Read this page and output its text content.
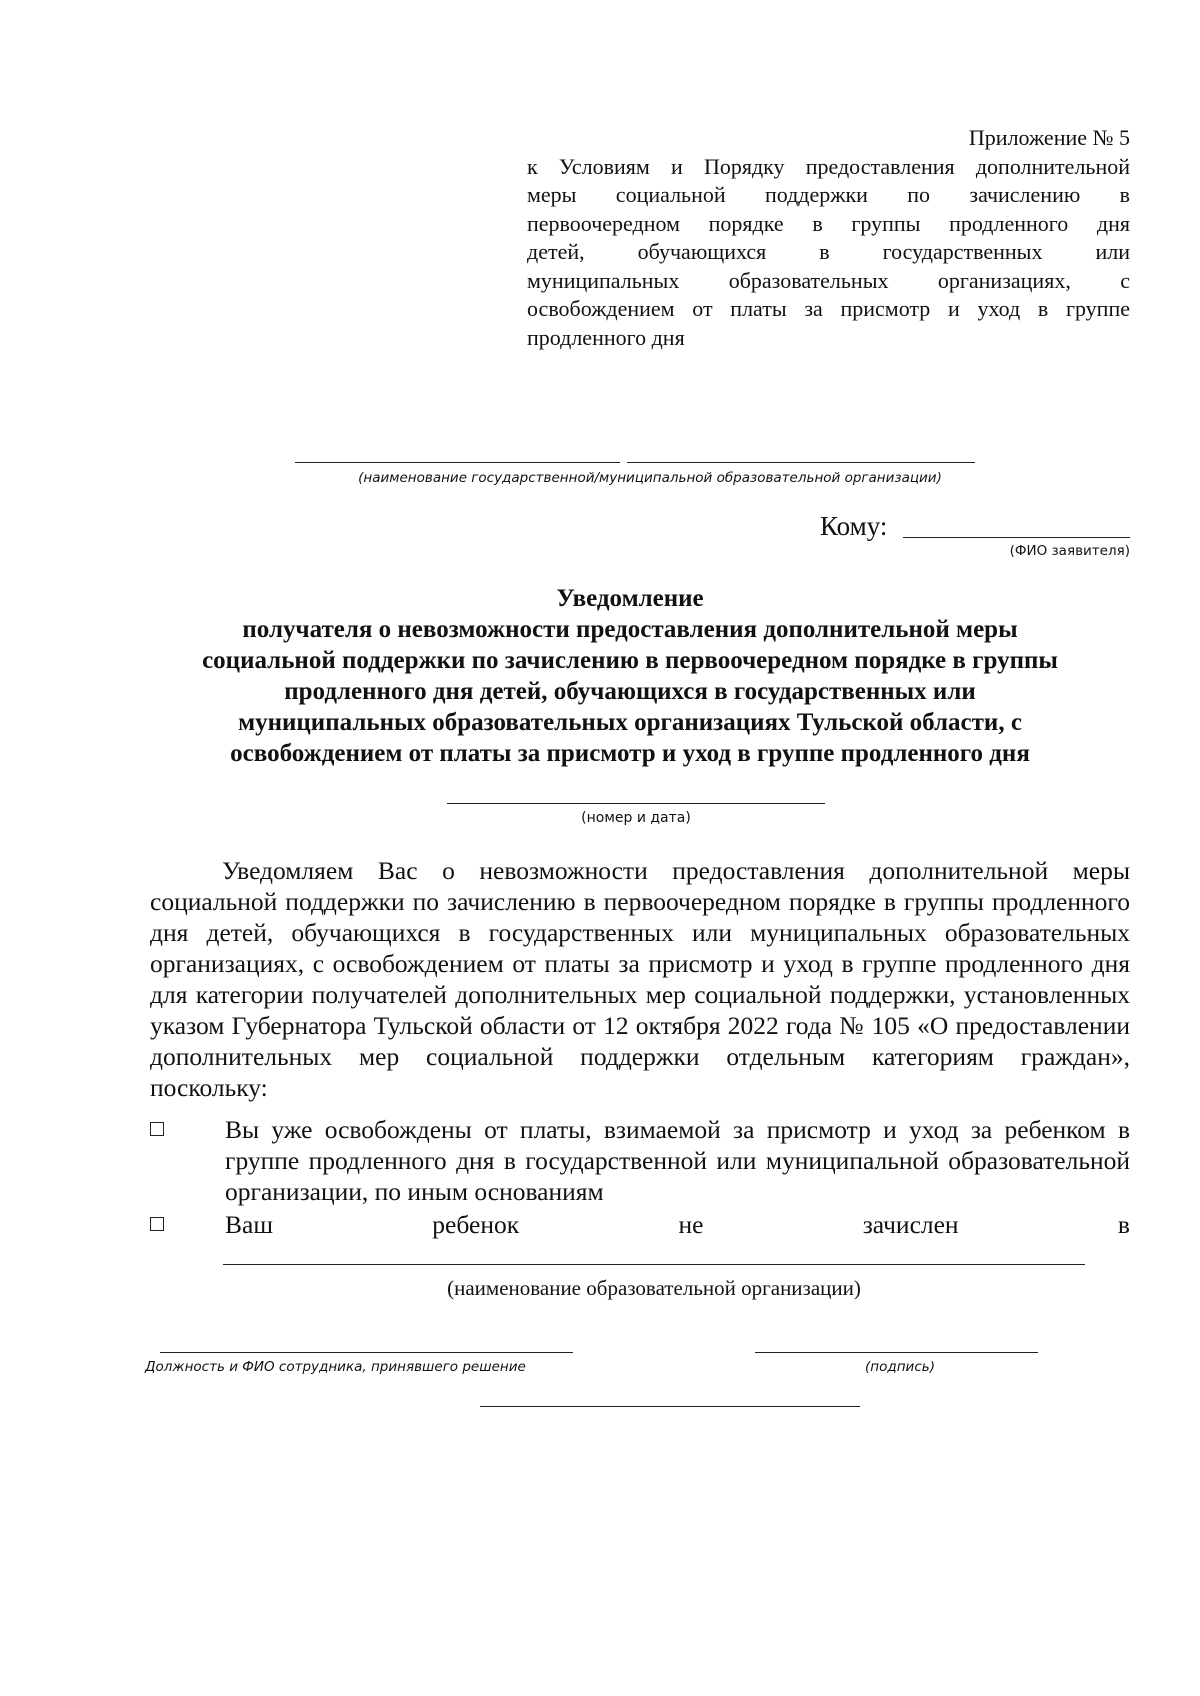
Приложение № 5
к Условиям и Порядку предоставления дополнительной
меры социальной поддержки по зачислению в
первоочередном порядке в группы продленного дня
детей, обучающихся в государственных или
муниципальных образовательных организациях, с
освобождением от платы за присмотр и уход в группе
продленного дня
(наименование государственной/муниципальной образовательной организации)
Кому:
(ФИО заявителя)
Уведомление
получателя о невозможности предоставления дополнительной меры
социальной поддержки по зачислению в первоочередном порядке в группы
продленного дня детей, обучающихся в государственных или
муниципальных образовательных организациях Тульской области, с
освобождением от платы за присмотр и уход в группе продленного дня
(номер и дата)
Уведомляем Вас о невозможности предоставления дополнительной меры социальной поддержки по зачислению в первоочередном порядке в группы продленного дня детей, обучающихся в государственных или муниципальных образовательных организациях, с освобождением от платы за присмотр и уход в группе продленного дня для категории получателей дополнительных мер социальной поддержки, установленных указом Губернатора Тульской области от 12 октября 2022 года № 105 «О предоставлении дополнительных мер социальной поддержки отдельным категориям граждан», поскольку:
Вы уже освобождены от платы, взимаемой за присмотр и уход за ребенком в группе продленного дня в государственной или муниципальной образовательной организации, по иным основаниям
Ваш	ребенок	не	зачислен	в
(наименование образовательной организации)
Должность и ФИО сотрудника, принявшего решение	(подпись)
